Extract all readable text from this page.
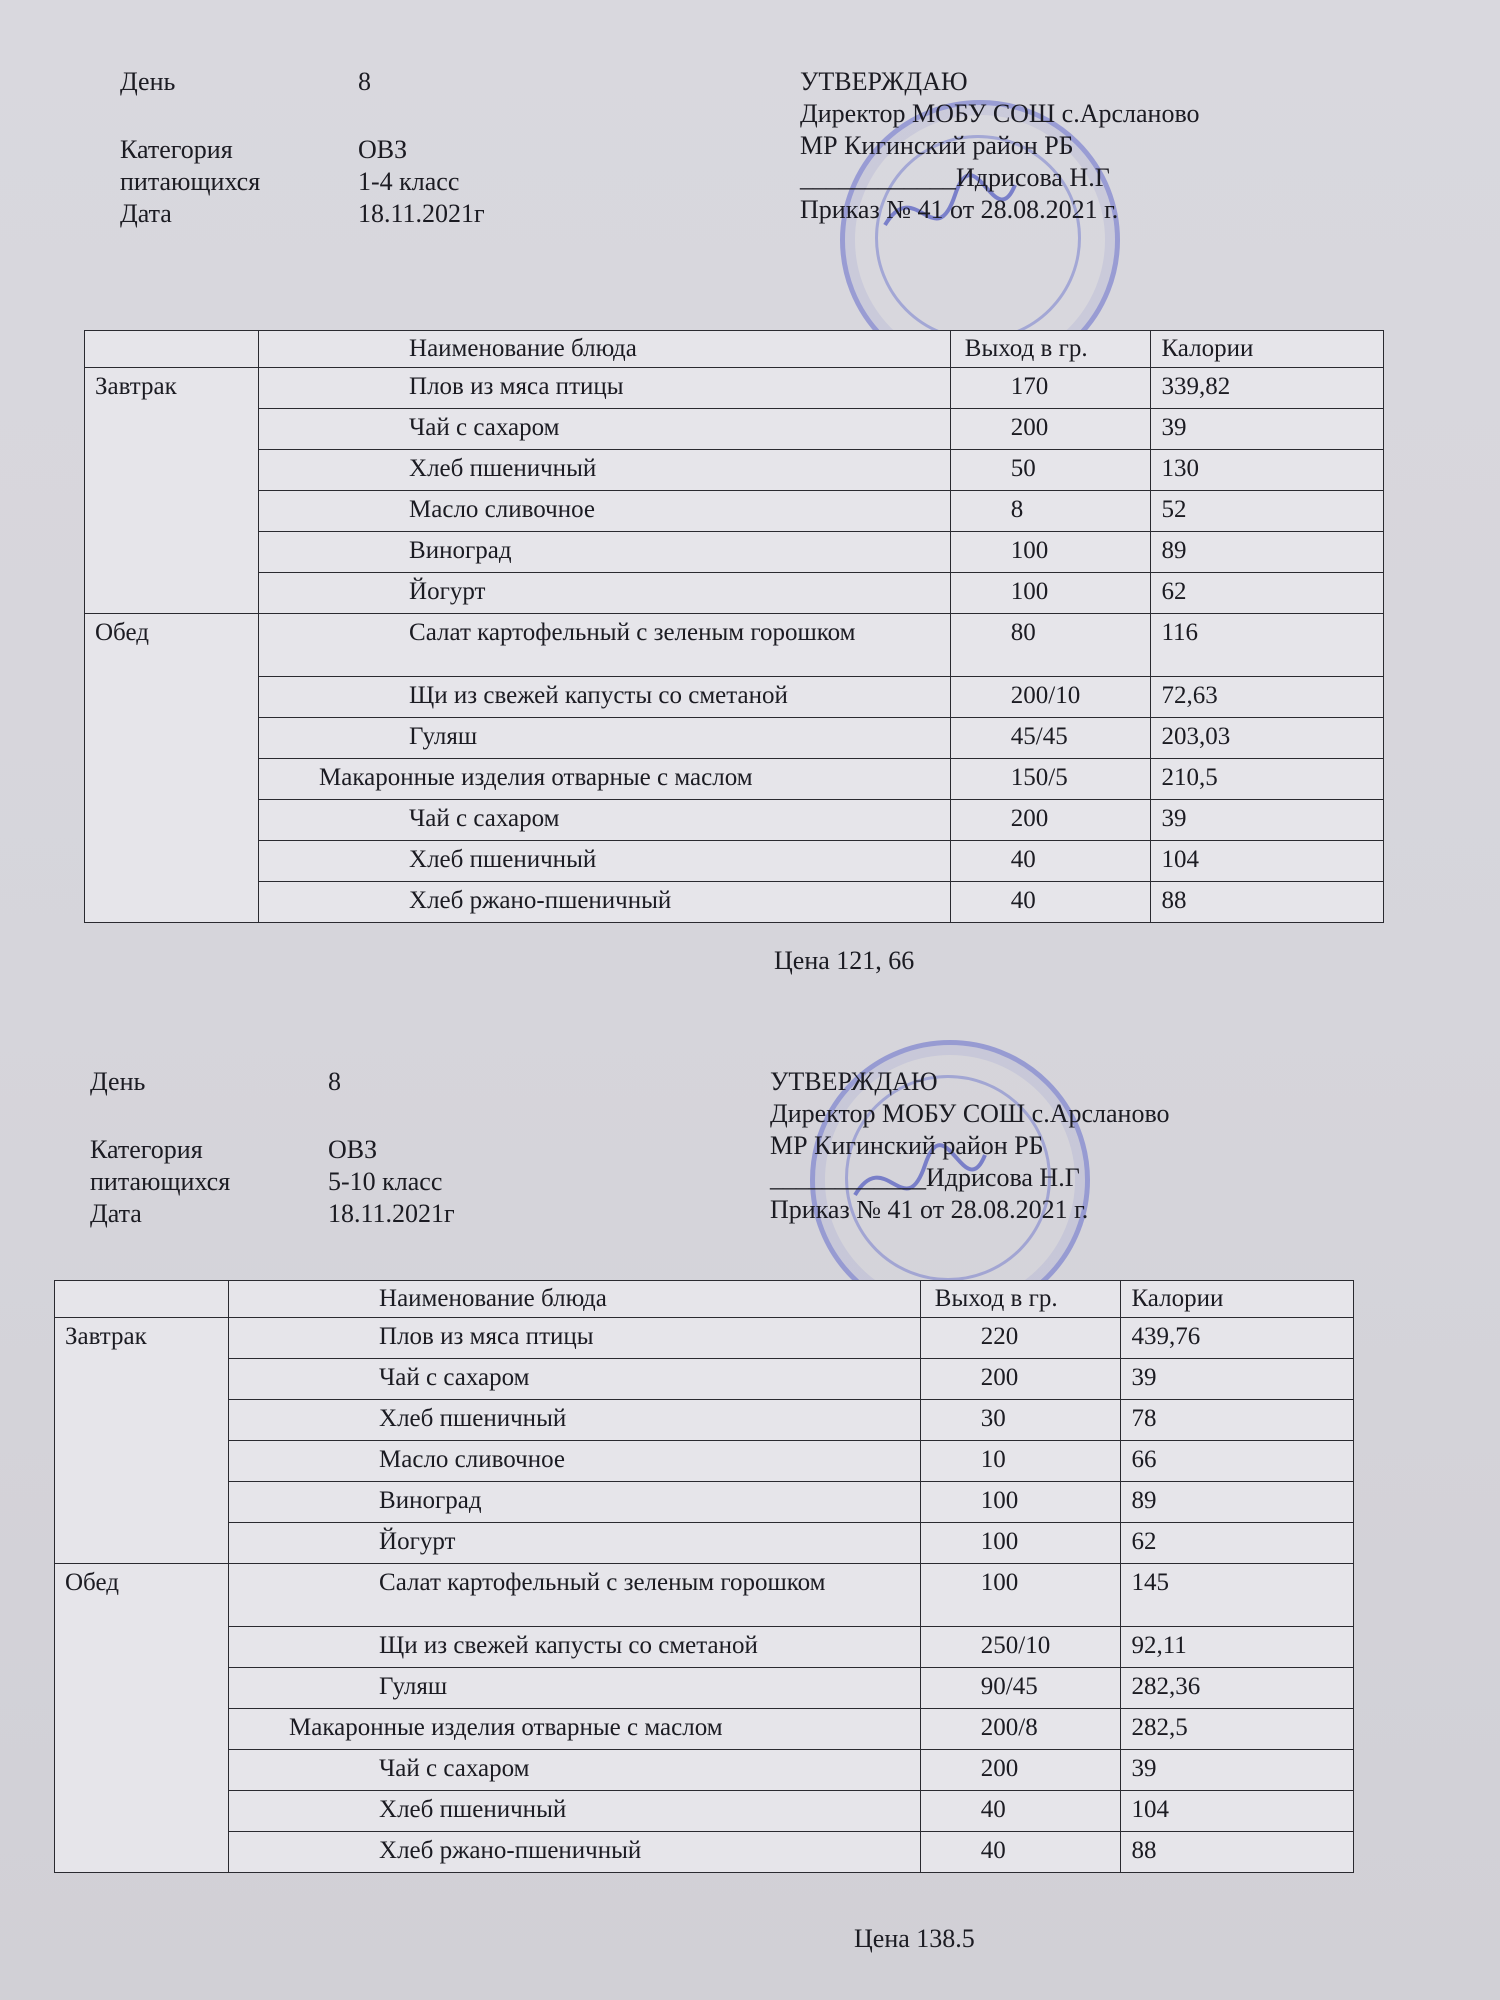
День	8
Категория	ОВЗ
питающихся	1-4 класс
Дата	18.11.2021г
УТВЕРЖДАЮ
Директор МОБУ СОШ с.Арсланово
МР Кигинский район РБ
____________Идрисова Н.Г
Приказ № 41 от 28.08.2021 г.
	Наименование блюда	Выход в гр.	Калории
Завтрак	Плов из мяса птицы	170	339,82
	Чай с сахаром	200	39
	Хлеб пшеничный	50	130
	Масло сливочное	8	52
	Виноград	100	89
	Йогурт	100	62
Обед	Салат картофельный с зеленым горошком	80	116
	Щи из свежей капусты со сметаной	200/10	72,63
	Гуляш	45/45	203,03
	Макаронные изделия отварные с маслом	150/5	210,5
	Чай с сахаром	200	39
	Хлеб пшеничный	40	104
	Хлеб ржано-пшеничный	40	88
Цена 121, 66
День	8
Категория	ОВЗ
питающихся	5-10 класс
Дата	18.11.2021г
УТВЕРЖДАЮ
Директор МОБУ СОШ с.Арсланово
МР Кигинский район РБ
____________Идрисова Н.Г
Приказ № 41 от 28.08.2021 г.
	Наименование блюда	Выход в гр.	Калории
Завтрак	Плов из мяса птицы	220	439,76
	Чай с сахаром	200	39
	Хлеб пшеничный	30	78
	Масло сливочное	10	66
	Виноград	100	89
	Йогурт	100	62
Обед	Салат картофельный с зеленым горошком	100	145
	Щи из свежей капусты со сметаной	250/10	92,11
	Гуляш	90/45	282,36
	Макаронные изделия отварные с маслом	200/8	282,5
	Чай с сахаром	200	39
	Хлеб пшеничный	40	104
	Хлеб ржано-пшеничный	40	88
Цена 138.5
